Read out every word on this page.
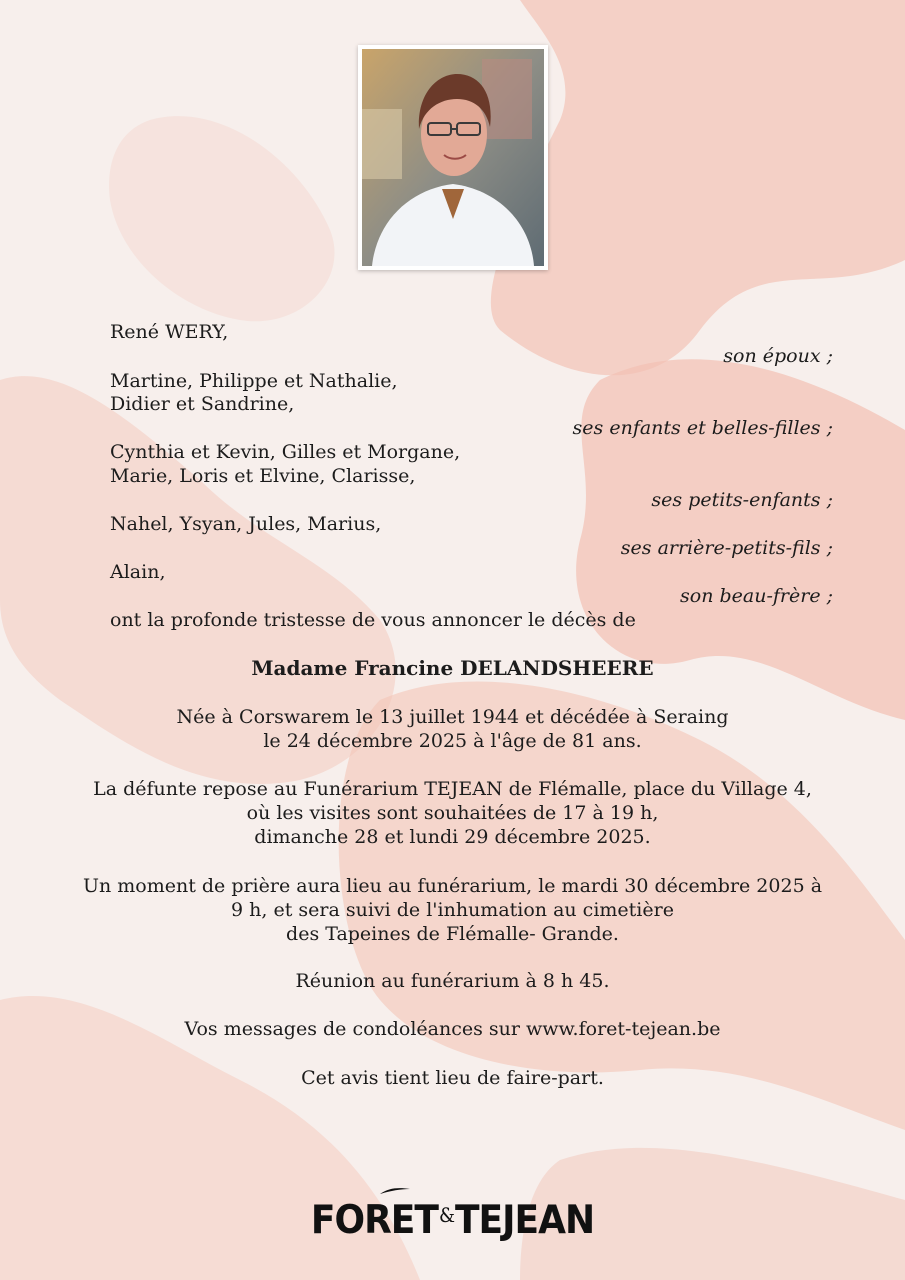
René WERY,
son époux ;
Martine, Philippe et Nathalie,
Didier et Sandrine,
ses enfants et belles-filles ;
Cynthia et Kevin, Gilles et Morgane,
Marie, Loris et Elvine, Clarisse,
ses petits-enfants ;
Nahel, Ysyan, Jules, Marius,
ses arrière-petits-fils ;
Alain,
son beau-frère ;
ont la profonde tristesse de vous annoncer le décès de
Madame Francine DELANDSHEERE
Née à Corswarem le 13 juillet 1944 et décédée à Seraing
le 24 décembre 2025 à l'âge de 81 ans.
La défunte repose au Funérarium TEJEAN de Flémalle, place du Village 4,
où les visites sont souhaitées de 17 à 19 h,
dimanche 28 et lundi 29 décembre 2025.
Un moment de prière aura lieu au funérarium, le mardi 30 décembre 2025 à
9 h, et sera suivi de l'inhumation au cimetière
des Tapeines de Flémalle- Grande.
Réunion au funérarium à 8 h 45.
Vos messages de condoléances sur www.foret-tejean.be
Cet avis tient lieu de faire-part.
FORET&TEJEAN
